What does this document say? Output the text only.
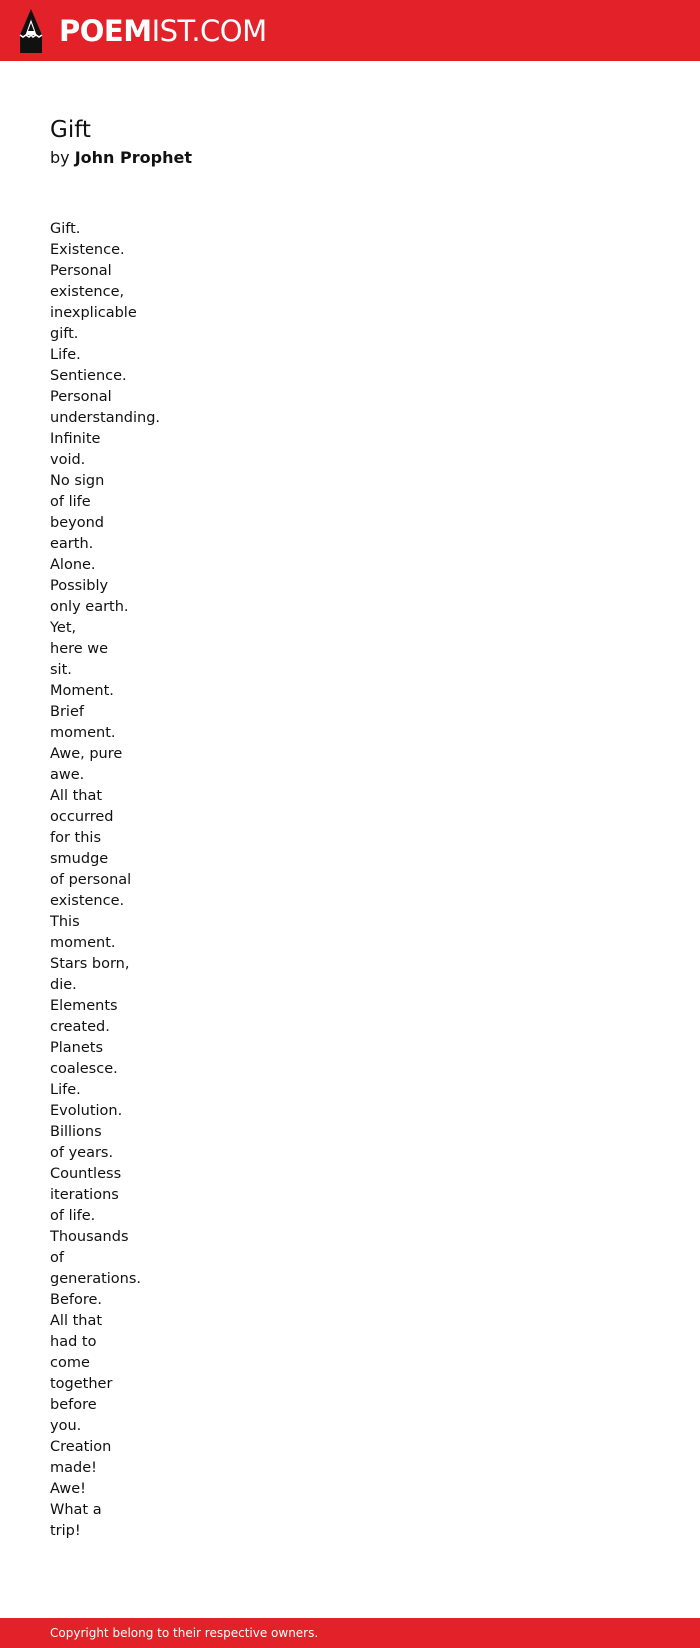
POEMIST.COM
Gift
by John Prophet
Gift.
Existence.
Personal
existence,
inexplicable
gift.
Life.
Sentience.
Personal
understanding.
Infinite
void.
No sign
of life
beyond
earth.
Alone.
Possibly
only earth.
Yet,
here we
sit.
Moment.
Brief
moment.
Awe, pure
awe.
All that
occurred
for this
smudge
of personal
existence.
This
moment.
Stars born,
die.
Elements
created.
Planets
coalesce.
Life.
Evolution.
Billions
of years.
Countless
iterations
of life.
Thousands
of
generations.
Before.
All that
had to
come
together
before
you.
Creation
made!
Awe!
What a
trip!
Copyright belong to their respective owners.
